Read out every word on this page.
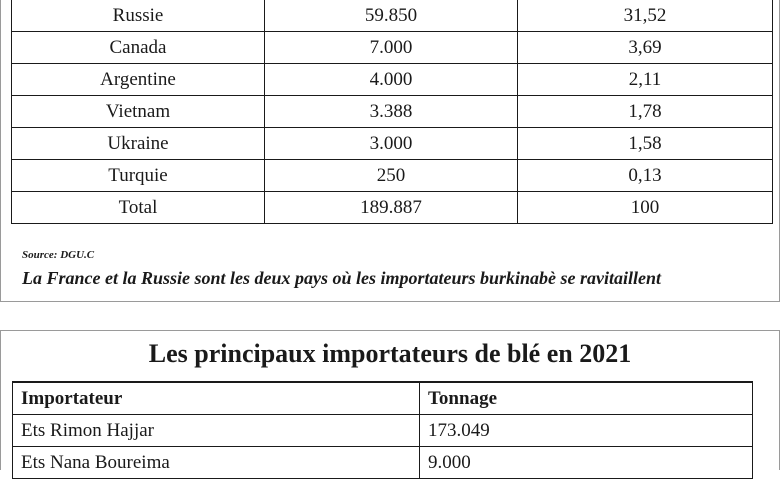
Russie	59.850	31,52
Canada	7.000	3,69
Argentine	4.000	2,11
Vietnam	3.388	1,78
Ukraine	3.000	1,58
Turquie	250	0,13
Total	189.887	100
Source: DGU.C
La France et la Russie sont les deux pays où les importateurs burkinabè se ravitaillent
Les principaux importateurs de blé en 2021
Importateur	Tonnage
Ets Rimon Hajjar	173.049
Ets Nana Boureima	9.000
